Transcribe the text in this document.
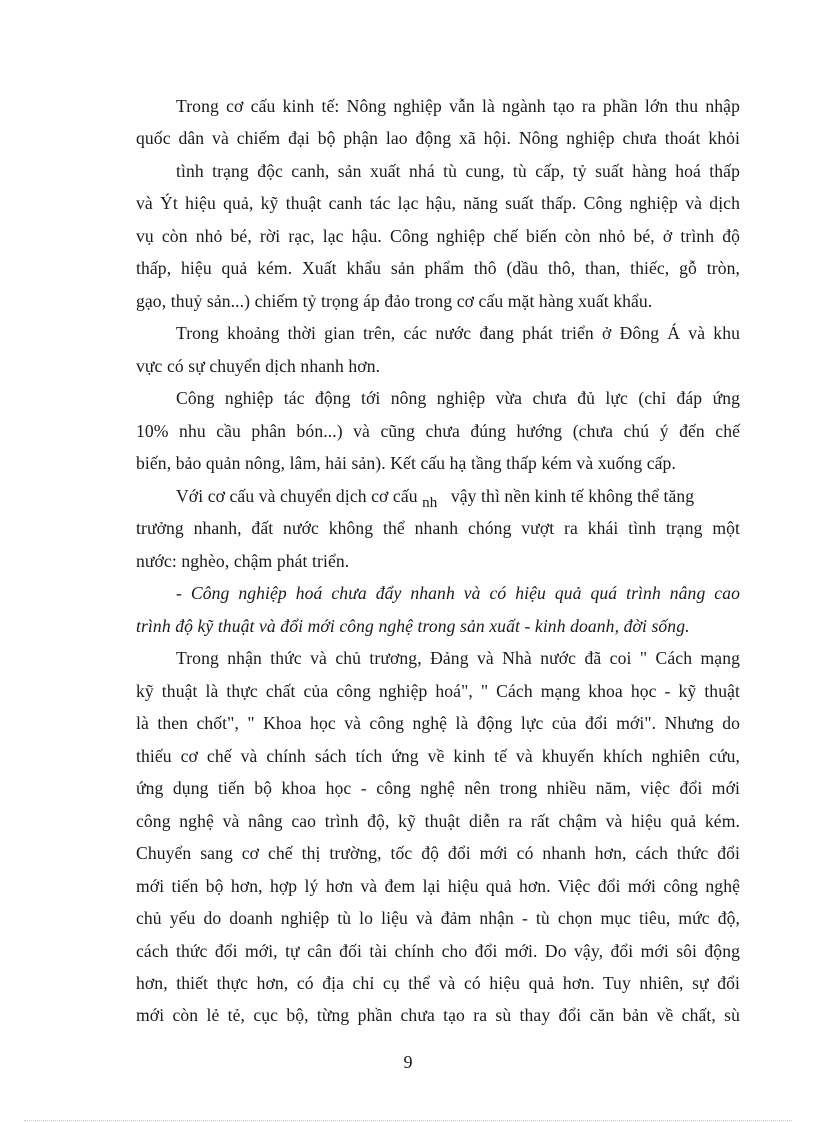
Trong cơ cấu kinh tế: Nông nghiệp vẫn là ngành tạo ra phần lớn thu nhập
quốc dân và chiếm đại bộ phận lao động xã hội. Nông nghiệp chưa thoát khỏi
tình trạng độc canh, sản xuất nhá tù cung, tù cấp, tỷ suất hàng hoá thấp
và Ýt hiệu quả, kỹ thuật canh tác lạc hậu, năng suất thấp. Công nghiệp và dịch
vụ còn nhỏ bé, rời rạc, lạc hậu. Công nghiệp chế biến còn nhỏ bé, ở trình độ
thấp, hiệu quả kém. Xuất khẩu sản phẩm thô (dầu thô, than, thiếc, gỗ tròn,
gạo, thuỷ sản...) chiếm tỷ trọng áp đảo trong cơ cấu mặt hàng xuất khẩu.
Trong khoảng thời gian trên, các nước đang phát triển ở Đông Á và khu
vực có sự chuyển dịch nhanh hơn.
Công nghiệp tác động tới nông nghiệp vừa chưa đủ lực (chỉ đáp ứng
10% nhu cầu phân bón...) và cũng chưa đúng hướng (chưa chú ý đến chế
biến, bảo quản nông, lâm, hải sản). Kết cấu hạ tầng thấp kém và xuống cấp.
Với cơ cấu và chuyển dịch cơ cấu nh   vậy thì nền kinh tế không thể tăng
trưởng nhanh, đất nước không thể nhanh chóng vượt ra khái tình trạng một
nước: nghèo, chậm phát triển.
- Công nghiệp hoá chưa đẩy nhanh và có hiệu quả quá trình nâng cao
trình độ kỹ thuật và đổi mới công nghệ trong sản xuất - kinh doanh, đời sống.
Trong nhận thức và chủ trương, Đảng và Nhà nước đã coi " Cách mạng
kỹ thuật là thực chất của công nghiệp hoá", " Cách mạng khoa học - kỹ thuật
là then chốt", " Khoa học và công nghệ là động lực của đổi mới". Nhưng do
thiếu cơ chế và chính sách tích ứng về kinh tế và khuyến khích nghiên cứu,
ứng dụng tiến bộ khoa học - công nghệ nên trong nhiều năm, việc đổi mới
công nghệ và nâng cao trình độ, kỹ thuật diễn ra rất chậm và hiệu quả kém.
Chuyển sang cơ chế thị trường, tốc độ đổi mới có nhanh hơn, cách thức đổi
mới tiến bộ hơn, hợp lý hơn và đem lại hiệu quả hơn. Việc đổi mới công nghệ
chủ yếu do doanh nghiệp tù lo liệu và đảm nhận - tù chọn mục tiêu, mức độ,
cách thức đổi mới, tự cân đối tài chính cho đổi mới. Do vậy, đổi mới sôi động
hơn, thiết thực hơn, có địa chỉ cụ thể và có hiệu quả hơn. Tuy nhiên, sự đổi
mới còn lẻ tẻ, cục bộ, từng phần chưa tạo ra sù thay đổi căn bản về chất, sù
9
